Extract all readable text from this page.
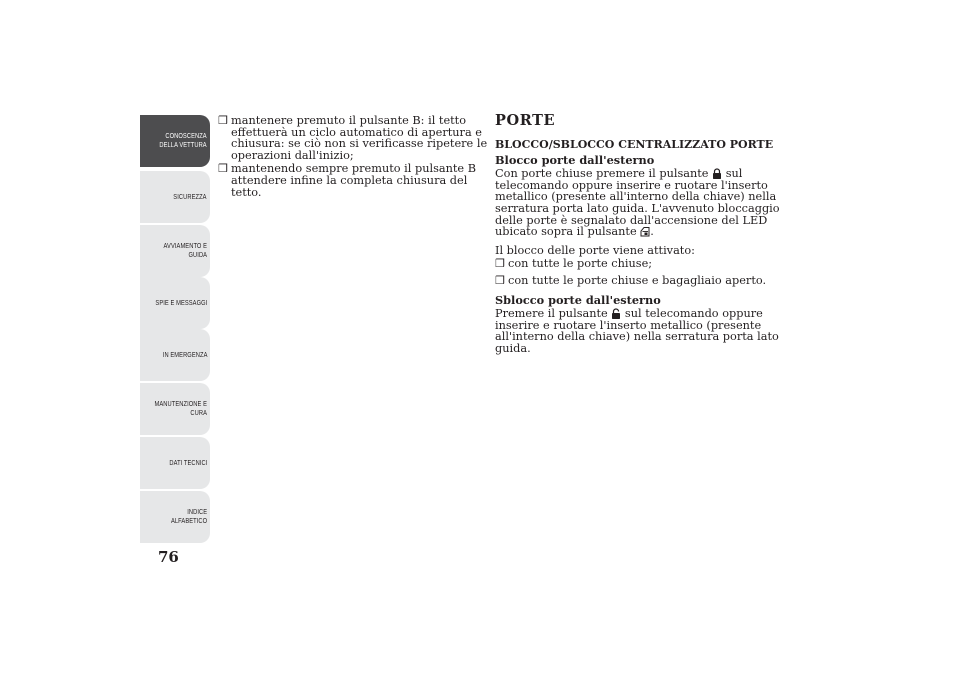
CONOSCENZA
DELLA VETTURA
SICUREZZA
AVVIAMENTO E
GUIDA
SPIE E MESSAGGI
IN EMERGENZA
MANUTENZIONE E
CURA
DATI TECNICI
INDICE
ALFABETICO
76
❒ mantenere premuto il pulsante B: il tetto effettuerà un ciclo automatico di apertura e chiusura: se ciò non si verificasse ripetere le operazioni dall'inizio;
❒ mantenendo sempre premuto il pulsante B attendere infine la completa chiusura del tetto.
PORTE
BLOCCO/SBLOCCO CENTRALIZZATO PORTE
Blocco porte dall'esterno

Con porte chiuse premere il pulsante sul telecomando oppure inserire e ruotare l'inserto metallico (presente all'interno della chiave) nella serratura porta lato guida. L'avvenuto bloccaggio delle porte è segnalato dall'accensione del LED ubicato sopra il pulsante .

Il blocco delle porte viene attivato:

❒ con tutte le porte chiuse;
❒ con tutte le porte chiuse e bagagliaio aperto.
Sblocco porte dall'esterno

Premere il pulsante sul telecomando oppure inserire e ruotare l'inserto metallico (presente all'interno della chiave) nella serratura porta lato guida.
